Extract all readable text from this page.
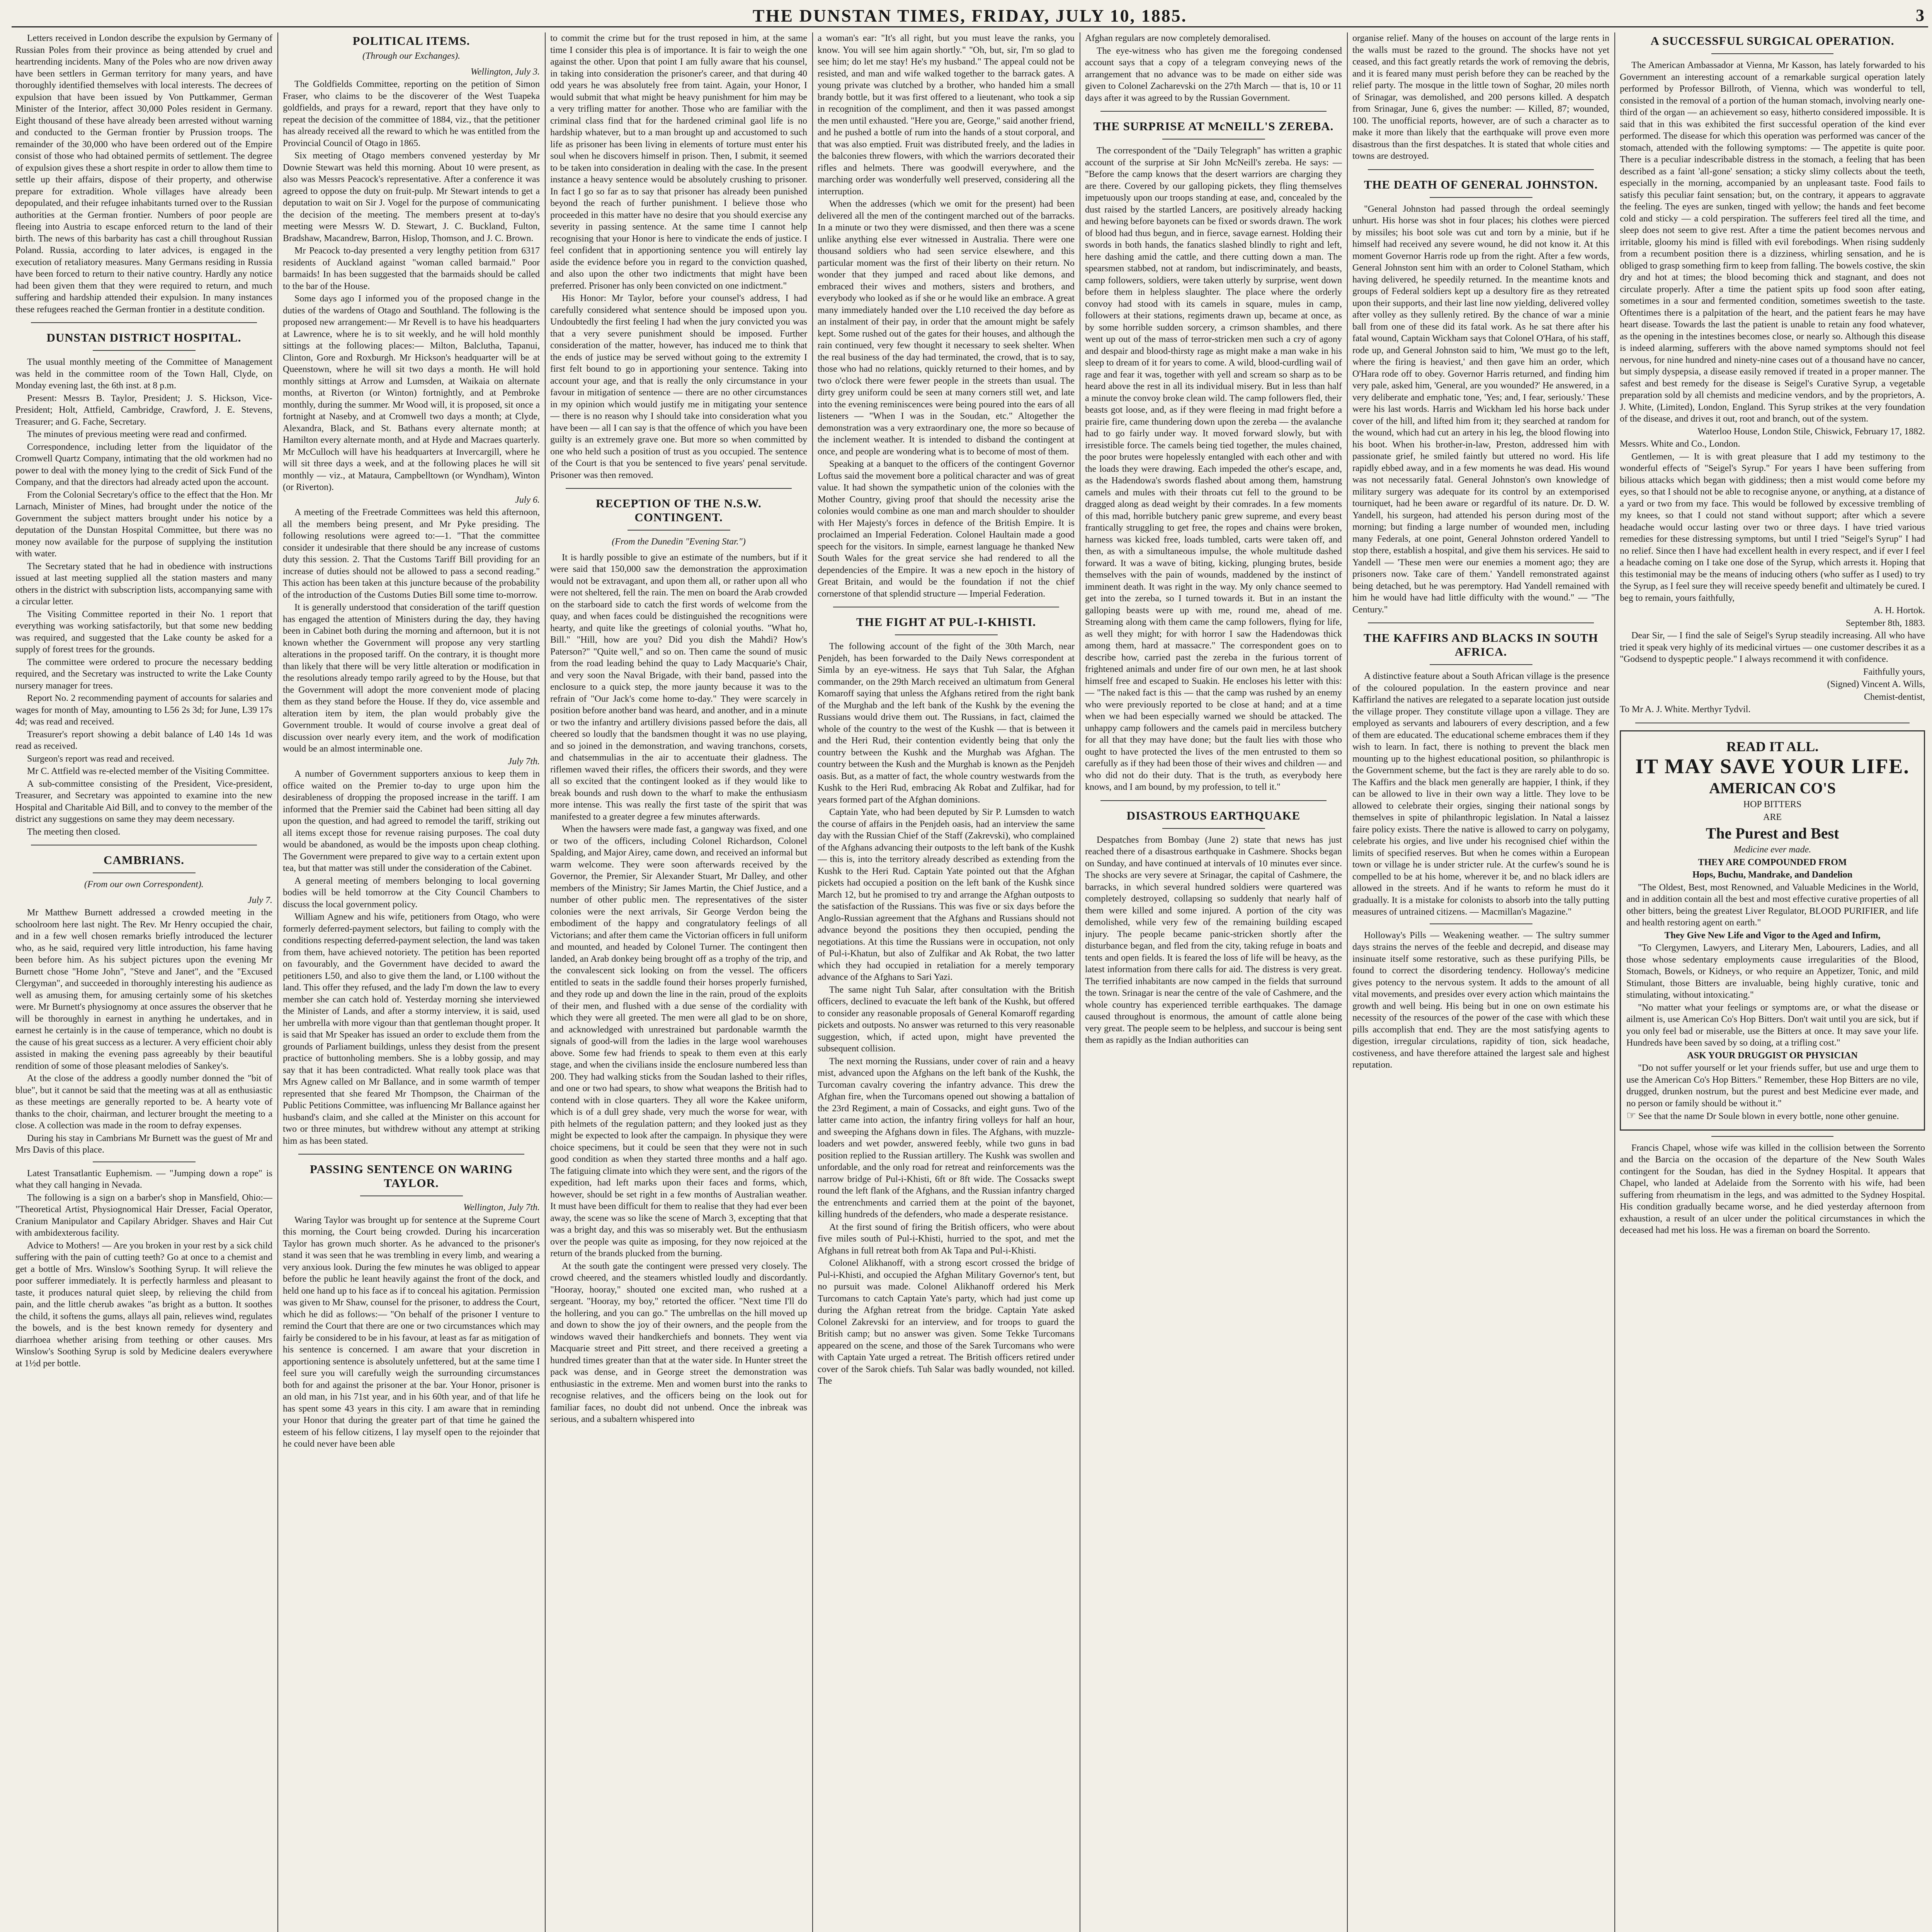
THE DUNSTAN TIMES, FRIDAY, JULY 10, 1885.	3

Letters received in London describe the expulsion by Germany of Russian Poles from their province as being attended by cruel and heartrending incidents. Many of the Poles who are now driven away have been settlers in German territory for many years, and have thoroughly identified themselves with local interests. The decrees of expulsion that have been issued by Von Puttkammer, German Minister of the Interior, affect 30,000 Poles resident in Germany. Eight thousand of these have already been arrested without warning and conducted to the German frontier by Prussion troops. The remainder of the 30,000 who have been ordered out of the Empire consist of those who had obtained permits of settlement. The degree of expulsion gives these a short respite in order to allow them time to settle up their affairs, dispose of their property, and otherwise prepare for extradition. Whole villages have already been depopulated, and their refugee inhabitants turned over to the Russian authorities at the German frontier. Numbers of poor people are fleeing into Austria to escape enforced return to the land of their birth. The news of this barbarity has cast a chill throughout Russian Poland. Russia, according to later advices, is engaged in the execution of retaliatory measures. Many Germans residing in Russia have been forced to return to their native country. Hardly any notice had been given them that they were required to return, and much suffering and hardship attended their expulsion. In many instances these refugees reached the German frontier in a destitute condition.

DUNSTAN DISTRICT HOSPITAL.

The usual monthly meeting of the Committee of Management was held in the committee room of the Town Hall, Clyde, on Monday evening last, the 6th inst. at 8 p.m.

Present: Messrs B. Taylor, President; J. S. Hickson, Vice-President; Holt, Attfield, Cambridge, Crawford, J. E. Stevens, Treasurer; and G. Fache, Secretary.

The minutes of previous meeting were read and confirmed.

Correspondence, including letter from the liquidator of the Cromwell Quartz Company, intimating that the old workmen had no power to deal with the money lying to the credit of Sick Fund of the Company, and that the directors had already acted upon the account.

From the Colonial Secretary's office to the effect that the Hon. Mr Larnach, Minister of Mines, had brought under the notice of the Government the subject matters brought under his notice by a deputation of the Dunstan Hospital Committee, but there was no money now available for the purpose of supplying the institution with water.

The Secretary stated that he had in obedience with instructions issued at last meeting supplied all the station masters and many others in the district with subscription lists, accompanying same with a circular letter.

The Visiting Committee reported in their No. 1 report that everything was working satisfactorily, but that some new bedding was required, and suggested that the Lake county be asked for a supply of forest trees for the grounds.

The committee were ordered to procure the necessary bedding required, and the Secretary was instructed to write the Lake County nursery manager for trees.

Report No. 2 recommending payment of accounts for salaries and wages for month of May, amounting to L56 2s 3d; for June, L39 17s 4d; was read and received.

Treasurer's report showing a debit balance of L40 14s 1d was read as received.

Surgeon's report was read and received.

Mr C. Attfield was re-elected member of the Visiting Committee.

A sub-committee consisting of the President, Vice-president, Treasurer, and Secretary was appointed to examine into the new Hospital and Charitable Aid Bill, and to convey to the member of the district any suggestions on same they may deem necessary.

The meeting then closed.

CAMBRIANS.
(From our own Correspondent).
July 7.

Mr Matthew Burnett addressed a crowded meeting in the schoolroom here last night. The Rev. Mr Henry occupied the chair, and in a few well chosen remarks briefly introduced the lecturer who, as he said, required very little introduction, his fame having been before him. As his subject pictures upon the evening Mr Burnett chose "Home John", "Steve and Janet", and the "Excused Clergyman", and succeeded in thoroughly interesting his audience as well as amusing them, for amusing certainly some of his sketches were. Mr Burnett's physiognomy at once assures the observer that he will be thoroughly in earnest in anything he undertakes, and in earnest he certainly is in the cause of temperance, which no doubt is the cause of his great success as a lecturer. A very efficient choir ably assisted in making the evening pass agreeably by their beautiful rendition of some of those pleasant melodies of Sankey's.

At the close of the address a goodly number donned the "bit of blue", but it cannot be said that the meeting was at all as enthusiastic as these meetings are generally reported to be. A hearty vote of thanks to the choir, chairman, and lecturer brought the meeting to a close. A collection was made in the room to defray expenses.

During his stay in Cambrians Mr Burnett was the guest of Mr and Mrs Davis of this place.

Latest Transatlantic Euphemism. — "Jumping down a rope" is what they call hanging in Nevada.

The following is a sign on a barber's shop in Mansfield, Ohio:— "Theoretical Artist, Physiognomical Hair Dresser, Facial Operator, Cranium Manipulator and Capilary Abridger. Shaves and Hair Cut with ambidexterous facility.

Advice to Mothers! — Are you broken in your rest by a sick child suffering with the pain of cutting teeth? Go at once to a chemist and get a bottle of Mrs. Winslow's Soothing Syrup. It will relieve the poor sufferer immediately. It is perfectly harmless and pleasant to taste, it produces natural quiet sleep, by relieving the child from pain, and the little cherub awakes "as bright as a button. It soothes the child, it softens the gums, allays all pain, relieves wind, regulates the bowels, and is the best known remedy for dysentery and diarrhoea whether arising from teething or other causes. Mrs Winslow's Soothing Syrup is sold by Medicine dealers everywhere at 1½d per bottle.

POLITICAL ITEMS.
(Through our Exchanges).
Wellington, July 3.

The Goldfields Committee, reporting on the petition of Simon Fraser, who claims to be the discoverer of the West Tuapeka goldfields, and prays for a reward, report that they have only to repeat the decision of the committee of 1884, viz., that the petitioner has already received all the reward to which he was entitled from the Provincial Council of Otago in 1865.

Six meeting of Otago members convened yesterday by Mr Downie Stewart was held this morning. About 10 were present, as also was Messrs Peacock's representative. After a conference it was agreed to oppose the duty on fruit-pulp. Mr Stewart intends to get a deputation to wait on Sir J. Vogel for the purpose of communicating the decision of the meeting. The members present at to-day's meeting were Messrs W. D. Stewart, J. C. Buckland, Fulton, Bradshaw, Macandrew, Barron, Hislop, Thomson, and J. C. Brown.

Mr Peacock to-day presented a very lengthy petition from 6317 residents of Auckland against "woman called barmaid." Poor barmaids! In has been suggested that the barmaids should be called to the bar of the House.

Some days ago I informed you of the proposed change in the duties of the wardens of Otago and Southland. The following is the proposed new arrangement:— Mr Revell is to have his headquarters at Lawrence, where he is to sit weekly, and he will hold monthly sittings at the following places:— Milton, Balclutha, Tapanui, Clinton, Gore and Roxburgh. Mr Hickson's headquarter will be at Queenstown, where he will sit two days a month. He will hold monthly sittings at Arrow and Lumsden, at Waikaia on alternate months, at Riverton (or Winton) fortnightly, and at Pembroke monthly, during the summer. Mr Wood will, it is proposed, sit once a fortnight at Naseby, and at Cromwell two days a month; at Clyde, Alexandra, Black, and St. Bathans every alternate month; at Hamilton every alternate month, and at Hyde and Macraes quarterly. Mr McCulloch will have his headquarters at Invercargill, where he will sit three days a week, and at the following places he will sit monthly — viz., at Mataura, Campbelltown (or Wyndham), Winton (or Riverton).

July 6.

A meeting of the Freetrade Committees was held this afternoon, all the members being present, and Mr Pyke presiding. The following resolutions were agreed to:—1. "That the committee consider it undesirable that there should be any increase of customs duty this session. 2. That the Customs Tariff Bill providing for an increase of duties should not be allowed to pass a second reading." This action has been taken at this juncture because of the probability of the introduction of the Customs Duties Bill some time to-morrow.

It is generally understood that consideration of the tariff question has engaged the attention of Ministers during the day, they having been in Cabinet both during the morning and afternoon, but it is not known whether the Government will propose any very startling alterations in the proposed tariff. On the contrary, it is thought more than likely that there will be very little alteration or modification in the resolutions already tempo rarily agreed to by the House, but that the Government will adopt the more convenient mode of placing them as they stand before the House. If they do, vice assemble and alteration item by item, the plan would probably give the Government trouble. It would of course involve a great deal of discussion over nearly every item, and the work of modification would be an almost interminable one.

July 7th.

A number of Government supporters anxious to keep them in office waited on the Premier to-day to urge upon him the desirableness of dropping the proposed increase in the tariff. I am informed that the Premier said the Cabinet had been sitting all day upon the question, and had agreed to remodel the tariff, striking out all items except those for revenue raising purposes. The coal duty would be abandoned, as would be the imposts upon cheap clothing. The Government were prepared to give way to a certain extent upon tea, but that matter was still under the consideration of the Cabinet.

A general meeting of members belonging to local governing bodies will be held tomorrow at the City Council Chambers to discuss the local government policy.

William Agnew and his wife, petitioners from Otago, who were formerly deferred-payment selectors, but failing to comply with the conditions respecting deferred-payment selection, the land was taken from them, have achieved notoriety. The petition has been reported on favourably, and the Government have decided to award the petitioners L50, and also to give them the land, or L100 without the land. This offer they refused, and the lady I'm down the law to every member she can catch hold of. Yesterday morning she interviewed the Minister of Lands, and after a stormy interview, it is said, used her umbrella with more vigour than that gentleman thought proper. It is said that Mr Speaker has issued an order to exclude them from the grounds of Parliament buildings, unless they desist from the present practice of buttonholing members. She is a lobby gossip, and may say that it has been contradicted. What really took place was that Mrs Agnew called on Mr Ballance, and in some warmth of temper represented that she feared Mr Thompson, the Chairman of the Public Petitions Committee, was influencing Mr Ballance against her husband's claim, and she called at the Minister on this account for two or three minutes, but withdrew without any attempt at striking him as has been stated.

PASSING SENTENCE ON WARING TAYLOR.
Wellington, July 7th.

Waring Taylor was brought up for sentence at the Supreme Court this morning, the Court being crowded. During his incarceration Taylor has grown much shorter. As he advanced to the prisoner's stand it was seen that he was trembling in every limb, and wearing a very anxious look. During the few minutes he was obliged to appear before the public he leant heavily against the front of the dock, and held one hand up to his face as if to conceal his agitation. Permission was given to Mr Shaw, counsel for the prisoner, to address the Court, which he did as follows:— "On behalf of the prisoner I venture to remind the Court that there are one or two circumstances which may fairly be considered to be in his favour, at least as far as mitigation of his sentence is concerned. I am aware that your discretion in apportioning sentence is absolutely unfettered, but at the same time I feel sure you will carefully weigh the surrounding circumstances both for and against the prisoner at the bar. Your Honor, prisoner is an old man, in his 71st year, and in his 60th year, and of that life he has spent some 43 years in this city. I am aware that in reminding your Honor that during the greater part of that time he gained the esteem of his fellow citizens, I lay myself open to the rejoinder that he could never have been able

to commit the crime but for the trust reposed in him, at the same time I consider this plea is of importance. It is fair to weigh the one against the other. Upon that point I am fully aware that his counsel, in taking into consideration the prisoner's career, and that during 40 odd years he was absolutely free from taint. Again, your Honor, I would submit that what might be heavy punishment for him may be a very trifling matter for another. Those who are familiar with the criminal class find that for the hardened criminal gaol life is no hardship whatever, but to a man brought up and accustomed to such life as prisoner has been living in elements of torture must enter his soul when he discovers himself in prison. Then, I submit, it seemed to be taken into consideration in dealing with the case. In the present instance a heavy sentence would be absolutely crushing to prisoner. In fact I go so far as to say that prisoner has already been punished beyond the reach of further punishment. I believe those who proceeded in this matter have no desire that you should exercise any severity in passing sentence. At the same time I cannot help recognising that your Honor is here to vindicate the ends of justice. I feel confident that in apportioning sentence you will entirely lay aside the evidence before you in regard to the conviction quashed, and also upon the other two indictments that might have been preferred. Prisoner has only been convicted on one indictment."

His Honor: Mr Taylor, before your counsel's address, I had carefully considered what sentence should be imposed upon you. Undoubtedly the first feeling I had when the jury convicted you was that a very severe punishment should be imposed. Further consideration of the matter, however, has induced me to think that the ends of justice may be served without going to the extremity I first felt bound to go in apportioning your sentence. Taking into account your age, and that is really the only circumstance in your favour in mitigation of sentence — there are no other circumstances in my opinion which would justify me in mitigating your sentence — there is no reason why I should take into consideration what you have been — all I can say is that the offence of which you have been guilty is an extremely grave one. But more so when committed by one who held such a position of trust as you occupied. The sentence of the Court is that you be sentenced to five years' penal servitude. Prisoner was then removed.

RECEPTION OF THE N.S.W. CONTINGENT.
(From the Dunedin "Evening Star.")

It is hardly possible to give an estimate of the numbers, but if it were said that 150,000 saw the demonstration the approximation would not be extravagant, and upon them all, or rather upon all who were not sheltered, fell the rain. The men on board the Arab crowded on the starboard side to catch the first words of welcome from the quay, and when faces could be distinguished the recognitions were hearty, and quite like the greetings of colonial youths. "What ho, Bill." "Hill, how are you? Did you dish the Mahdi? How's Paterson?" "Quite well," and so on. Then came the sound of music from the road leading behind the quay to Lady Macquarie's Chair, and very soon the Naval Brigade, with their band, passed into the enclosure to a quick step, the more jaunty because it was to the refrain of "Our Jack's come home to-day." They were scarcely in position before another band was heard, and another, and in a minute or two the infantry and artillery divisions passed before the dais, all cheered so loudly that the bandsmen thought it was no use playing, and so joined in the demonstration, and waving tranchons, corsets, and chatsemmulias in the air to accentuate their gladness. The riflemen waved their rifles, the officers their swords, and they were all so excited that the contingent looked as if they would like to break bounds and rush down to the wharf to make the enthusiasm more intense. This was really the first taste of the spirit that was manifested to a greater degree a few minutes afterwards.

When the hawsers were made fast, a gangway was fixed, and one or two of the officers, including Colonel Richardson, Colonel Spalding, and Major Airey, came down, and received an informal but warm welcome. They were soon afterwards received by the Governor, the Premier, Sir Alexander Stuart, Mr Dalley, and other members of the Ministry; Sir James Martin, the Chief Justice, and a number of other public men. The representatives of the sister colonies were the next arrivals, Sir George Verdon being the embodiment of the happy and congratulatory feelings of all Victorians; and after them came the Victorian officers in full uniform and mounted, and headed by Colonel Turner. The contingent then landed, an Arab donkey being brought off as a trophy of the trip, and the convalescent sick looking on from the vessel. The officers entitled to seats in the saddle found their horses properly furnished, and they rode up and down the line in the rain, proud of the exploits of their men, and flushed with a due sense of the cordiality with which they were all greeted. The men were all glad to be on shore, and acknowledged with unrestrained but pardonable warmth the signals of good-will from the ladies in the large wool warehouses above. Some few had friends to speak to them even at this early stage, and when the civilians inside the enclosure numbered less than 200. They had walking sticks from the Soudan lashed to their rifles, and one or two had spears, to show what weapons the British had to contend with in close quarters. They all wore the Kakee uniform, which is of a dull grey shade, very much the worse for wear, with pith helmets of the regulation pattern; and they looked just as they might be expected to look after the campaign. In physique they were choice specimens, but it could be seen that they were not in such good condition as when they started three months and a half ago. The fatiguing climate into which they were sent, and the rigors of the expedition, had left marks upon their faces and forms, which, however, should be set right in a few months of Australian weather. It must have been difficult for them to realise that they had ever been away, the scene was so like the scene of March 3, excepting that that was a bright day, and this was so miserably wet. But the enthusiasm over the people was quite as imposing, for they now rejoiced at the return of the brands plucked from the burning.

At the south gate the contingent were pressed very closely. The crowd cheered, and the steamers whistled loudly and discordantly. "Hooray, hooray," shouted one excited man, who rushed at a sergeant. "Hooray, my boy," retorted the officer. "Next time I'll do the hollering, and you can go." The umbrellas on the hill moved up and down to show the joy of their owners, and the people from the windows waved their handkerchiefs and bonnets. They went via Macquarie street and Pitt street, and there received a greeting a hundred times greater than that at the water side. In Hunter street the pack was dense, and in George street the demonstration was enthusiastic in the extreme. Men and women burst into the ranks to recognise relatives, and the officers being on the look out for familiar faces, no doubt did not unbend. Once the inbreak was serious, and a subaltern whispered into

a woman's ear: "It's all right, but you must leave the ranks, you know. You will see him again shortly." "Oh, but, sir, I'm so glad to see him; do let me stay! He's my husband." The appeal could not be resisted, and man and wife walked together to the barrack gates. A young private was clutched by a brother, who handed him a small brandy bottle, but it was first offered to a lieutenant, who took a sip in recognition of the compliment, and then it was passed amongst the men until exhausted. "Here you are, George," said another friend, and he pushed a bottle of rum into the hands of a stout corporal, and that was also emptied. Fruit was distributed freely, and the ladies in the balconies threw flowers, with which the warriors decorated their rifles and helmets. There was goodwill everywhere, and the marching order was wonderfully well preserved, considering all the interruption.

When the addresses (which we omit for the present) had been delivered all the men of the contingent marched out of the barracks. In a minute or two they were dismissed, and then there was a scene unlike anything else ever witnessed in Australia. There were one thousand soldiers who had seen service elsewhere, and this particular moment was the first of their liberty on their return. No wonder that they jumped and raced about like demons, and embraced their wives and mothers, sisters and brothers, and everybody who looked as if she or he would like an embrace. A great many immediately handed over the L10 received the day before as an instalment of their pay, in order that the amount might be safely kept. Some rushed out of the gates for their houses, and although the rain continued, very few thought it necessary to seek shelter. When the real business of the day had terminated, the crowd, that is to say, those who had no relations, quickly returned to their homes, and by two o'clock there were fewer people in the streets than usual. The dirty grey uniform could be seen at many corners still wet, and late into the evening reminiscences were being poured into the ears of all listeners — "When I was in the Soudan, etc." Altogether the demonstration was a very extraordinary one, the more so because of the inclement weather. It is intended to disband the contingent at once, and people are wondering what is to become of most of them.

Speaking at a banquet to the officers of the contingent Governor Loftus said the movement bore a political character and was of great value. It had shown the sympathetic union of the colonies with the Mother Country, giving proof that should the necessity arise the colonies would combine as one man and march shoulder to shoulder with Her Majesty's forces in defence of the British Empire. It is proclaimed an Imperial Federation. Colonel Haultain made a good speech for the visitors. In simple, earnest language he thanked New South Wales for the great service she had rendered to all the dependencies of the Empire. It was a new epoch in the history of Great Britain, and would be the foundation if not the chief cornerstone of that splendid structure — Imperial Federation.

THE FIGHT AT PUL-I-KHISTI.

The following account of the fight of the 30th March, near Penjdeh, has been forwarded to the Daily News correspondent at Simla by an eye-witness. He says that Tuh Salar, the Afghan commander, on the 29th March received an ultimatum from General Komaroff saying that unless the Afghans retired from the right bank of the Murghab and the left bank of the Kushk by the evening the Russians would drive them out. The Russians, in fact, claimed the whole of the country to the west of the Kushk — that is between it and the Heri Rud, their contention evidently being that only the country between the Kushk and the Murghab was Afghan. The country between the Kush and the Murghab is known as the Penjdeh oasis. But, as a matter of fact, the whole country westwards from the Kushk to the Heri Rud, embracing Ak Robat and Zulfikar, had for years formed part of the Afghan dominions.

Captain Yate, who had been deputed by Sir P. Lumsden to watch the course of affairs in the Penjdeh oasis, had an interview the same day with the Russian Chief of the Staff (Zakrevski), who complained of the Afghans advancing their outposts to the left bank of the Kushk — this is, into the territory already described as extending from the Kushk to the Heri Rud. Captain Yate pointed out that the Afghan pickets had occupied a position on the left bank of the Kushk since March 12, but he promised to try and arrange the Afghan outposts to the satisfaction of the Russians. This was five or six days before the Anglo-Russian agreement that the Afghans and Russians should not advance beyond the positions they then occupied, pending the negotiations. At this time the Russians were in occupation, not only of Pul-i-Khatun, but also of Zulfikar and Ak Robat, the two latter which they had occupied in retaliation for a merely temporary advance of the Afghans to Sari Yazi.

The same night Tuh Salar, after consultation with the British officers, declined to evacuate the left bank of the Kushk, but offered to consider any reasonable proposals of General Komaroff regarding pickets and outposts. No answer was returned to this very reasonable suggestion, which, if acted upon, might have prevented the subsequent collision.

The next morning the Russians, under cover of rain and a heavy mist, advanced upon the Afghans on the left bank of the Kushk, the Turcoman cavalry covering the infantry advance. This drew the Afghan fire, when the Turcomans opened out showing a battalion of the 23rd Regiment, a main of Cossacks, and eight guns. Two of the latter came into action, the infantry firing volleys for half an hour, and sweeping the Afghans down in files. The Afghans, with muzzle-loaders and wet powder, answered feebly, while two guns in bad position replied to the Russian artillery. The Kushk was swollen and unfordable, and the only road for retreat and reinforcements was the narrow bridge of Pul-i-Khisti, 6ft or 8ft wide. The Cossacks swept round the left flank of the Afghans, and the Russian infantry charged the entrenchments and carried them at the point of the bayonet, killing hundreds of the defenders, who made a desperate resistance.

At the first sound of firing the British officers, who were about five miles south of Pul-i-Khisti, hurried to the spot, and met the Afghans in full retreat both from Ak Tapa and Pul-i-Khisti.

Colonel Alikhanoff, with a strong escort crossed the bridge of Pul-i-Khisti, and occupied the Afghan Military Governor's tent, but no pursuit was made. Colonel Alikhanoff ordered his Merk Turcomans to catch Captain Yate's party, which had just come up during the Afghan retreat from the bridge. Captain Yate asked Colonel Zakrevski for an interview, and for troops to guard the British camp; but no answer was given. Some Tekke Turcomans appeared on the scene, and those of the Sarek Turcomans who were with Captain Yate urged a retreat. The British officers retired under cover of the Sarok chiefs. Tuh Salar was badly wounded, not killed. The

Afghan regulars are now completely demoralised.

The eye-witness who has given me the foregoing condensed account says that a copy of a telegram conveying news of the arrangement that no advance was to be made on either side was given to Colonel Zacharevski on the 27th March — that is, 10 or 11 days after it was agreed to by the Russian Government.

THE SURPRISE AT McNEILL'S ZEREBA.

The correspondent of the "Daily Telegraph" has written a graphic account of the surprise at Sir John McNeill's zereba. He says: — "Before the camp knows that the desert warriors are charging they are there. Covered by our galloping pickets, they fling themselves impetuously upon our troops standing at ease, and, concealed by the dust raised by the startled Lancers, are positively already hacking and hewing before bayonets can be fixed or swords drawn. The work of blood had thus begun, and in fierce, savage earnest. Holding their swords in both hands, the fanatics slashed blindly to right and left, here dashing amid the cattle, and there cutting down a man. The spearsmen stabbed, not at random, but indiscriminately, and beasts, camp followers, soldiers, were taken utterly by surprise, went down before them in helpless slaughter. The place where the orderly convoy had stood with its camels in square, mules in camp, followers at their stations, regiments drawn up, became at once, as by some horrible sudden sorcery, a crimson shambles, and there went up out of the mass of terror-stricken men such a cry of agony and despair and blood-thirsty rage as might make a man wake in his sleep to dream of it for years to come. A wild, blood-curdling wail of rage and fear it was, together with yell and scream so sharp as to be heard above the rest in all its individual misery. But in less than half a minute the convoy broke clean wild. The camp followers fled, their beasts got loose, and, as if they were fleeing in mad fright before a prairie fire, came thundering down upon the zereba — the avalanche had to go fairly under way. It moved forward slowly, but with irresistible force. The camels being tied together, the mules chained, the poor brutes were hopelessly entangled with each other and with the loads they were drawing. Each impeded the other's escape, and, as the Hadendowa's swords flashed about among them, hamstrung camels and mules with their throats cut fell to the ground to be dragged along as dead weight by their comrades. In a few moments of this mad, horrible butchery panic grew supreme, and every beast frantically struggling to get free, the ropes and chains were broken, harness was kicked free, loads tumbled, carts were taken off, and then, as with a simultaneous impulse, the whole multitude dashed forward. It was a wave of biting, kicking, plunging brutes, beside themselves with the pain of wounds, maddened by the instinct of imminent death. It was right in the way. My only chance seemed to get into the zereba, so I turned towards it. But in an instant the galloping beasts were up with me, round me, ahead of me. Streaming along with them came the camp followers, flying for life, as well they might; for with horror I saw the Hadendowas thick among them, hard at massacre." The correspondent goes on to describe how, carried past the zereba in the furious torrent of frightened animals and under fire of our own men, he at last shook himself free and escaped to Suakin. He encloses his letter with this: — "The naked fact is this — that the camp was rushed by an enemy who were previously reported to be close at hand; and at a time when we had been especially warned we should be attacked. The unhappy camp followers and the camels paid in merciless butchery for all that they may have done; but the fault lies with those who ought to have protected the lives of the men entrusted to them so carefully as if they had been those of their wives and children — and who did not do their duty. That is the truth, as everybody here knows, and I am bound, by my profession, to tell it."

DISASTROUS EARTHQUAKE

Despatches from Bombay (June 2) state that news has just reached there of a disastrous earthquake in Cashmere. Shocks began on Sunday, and have continued at intervals of 10 minutes ever since. The shocks are very severe at Srinagar, the capital of Cashmere, the barracks, in which several hundred soldiers were quartered was completely destroyed, collapsing so suddenly that nearly half of them were killed and some injured. A portion of the city was demolished, while very few of the remaining building escaped injury. The people became panic-stricken shortly after the disturbance began, and fled from the city, taking refuge in boats and tents and open fields. It is feared the loss of life will be heavy, as the latest information from there calls for aid. The distress is very great. The terrified inhabitants are now camped in the fields that surround the town. Srinagar is near the centre of the vale of Cashmere, and the whole country has experienced terrible earthquakes. The damage caused throughout is enormous, the amount of cattle alone being very great. The people seem to be helpless, and succour is being sent them as rapidly as the Indian authorities can

organise relief. Many of the houses on account of the large rents in the walls must be razed to the ground. The shocks have not yet ceased, and this fact greatly retards the work of removing the debris, and it is feared many must perish before they can be reached by the relief party. The mosque in the little town of Soghar, 20 miles north of Srinagar, was demolished, and 200 persons killed. A despatch from Srinagar, June 6, gives the number: — Killed, 87; wounded, 100. The unofficial reports, however, are of such a character as to make it more than likely that the earthquake will prove even more disastrous than the first despatches. It is stated that whole cities and towns are destroyed.

THE DEATH OF GENERAL JOHNSTON.

"General Johnston had passed through the ordeal seemingly unhurt. His horse was shot in four places; his clothes were pierced by missiles; his boot sole was cut and torn by a minie, but if he himself had received any severe wound, he did not know it. At this moment Governor Harris rode up from the right. After a few words, General Johnston sent him with an order to Colonel Statham, which having delivered, he speedily returned. In the meantime knots and groups of Federal soldiers kept up a desultory fire as they retreated upon their supports, and their last line now yielding, delivered volley after volley as they sullenly retired. By the chance of war a minie ball from one of these did its fatal work. As he sat there after his fatal wound, Captain Wickham says that Colonel O'Hara, of his staff, rode up, and General Johnston said to him, 'We must go to the left, where the firing is heaviest,' and then gave him an order, which O'Hara rode off to obey. Governor Harris returned, and finding him very pale, asked him, 'General, are you wounded?' He answered, in a very deliberate and emphatic tone, 'Yes; and, I fear, seriously.' These were his last words. Harris and Wickham led his horse back under cover of the hill, and lifted him from it; they searched at random for the wound, which had cut an artery in his leg, the blood flowing into his boot. When his brother-in-law, Preston, addressed him with passionate grief, he smiled faintly but uttered no word. His life rapidly ebbed away, and in a few moments he was dead. His wound was not necessarily fatal. General Johnston's own knowledge of military surgery was adequate for its control by an extemporised tourniquet, had he been aware or regardful of its nature. Dr. D. W. Yandell, his surgeon, had attended his person during most of the morning; but finding a large number of wounded men, including many Federals, at one point, General Johnston ordered Yandell to stop there, establish a hospital, and give them his services. He said to Yandell — 'These men were our enemies a moment ago; they are prisoners now. Take care of them.' Yandell remonstrated against being detached, but he was peremptory. Had Yandell remained with him he would have had little difficulty with the wound." — "The Century."

THE KAFFIRS AND BLACKS IN SOUTH AFRICA.

A distinctive feature about a South African village is the presence of the coloured population. In the eastern province and near Kaffirland the natives are relegated to a separate location just outside the village proper. They constitute village upon a village. They are employed as servants and labourers of every description, and a few of them are educated. The educational scheme embraces them if they wish to learn. In fact, there is nothing to prevent the black men mounting up to the highest educational position, so philanthropic is the Government scheme, but the fact is they are rarely able to do so. The Kaffirs and the black men generally are happier, I think, if they can be allowed to live in their own way a little. They love to be allowed to celebrate their orgies, singing their national songs by themselves in spite of philanthropic legislation. In Natal a laissez faire policy exists. There the native is allowed to carry on polygamy, celebrate his orgies, and live under his recognised chief within the limits of specified reserves. But when he comes within a European town or village he is under stricter rule. At the curfew's sound he is compelled to be at his home, wherever it be, and no black idlers are allowed in the streets. And if he wants to reform he must do it gradually. It is a mistake for colonists to absorb into the tally putting measures of untrained citizens. — Macmillan's Magazine."

Holloway's Pills — Weakening weather. — The sultry summer days strains the nerves of the feeble and decrepid, and disease may insinuate itself some restorative, such as these purifying Pills, be found to correct the disordering tendency. Holloway's medicine gives potency to the nervous system. It adds to the amount of all vital movements, and presides over every action which maintains the growth and well being. His being but in one on own estimate his necessity of the resources of the power of the case with which these pills accomplish that end. They are the most satisfying agents to digestion, irregular circulations, rapidity of tion, sick headache, costiveness, and have therefore attained the largest sale and highest reputation.

A SUCCESSFUL SURGICAL OPERATION.

The American Ambassador at Vienna, Mr Kasson, has lately forwarded to his Government an interesting account of a remarkable surgical operation lately performed by Professor Billroth, of Vienna, which was wonderful to tell, consisted in the removal of a portion of the human stomach, involving nearly one-third of the organ — an achievement so easy, hitherto considered impossible. It is said that in this was exhibited the first successful operation of the kind ever performed. The disease for which this operation was performed was cancer of the stomach, attended with the following symptoms: — The appetite is quite poor. There is a peculiar indescribable distress in the stomach, a feeling that has been described as a faint 'all-gone' sensation; a sticky slimy collects about the teeth, especially in the morning, accompanied by an unpleasant taste. Food fails to satisfy this peculiar faint sensation; but, on the contrary, it appears to aggravate the feeling. The eyes are sunken, tinged with yellow; the hands and feet become cold and sticky — a cold perspiration. The sufferers feel tired all the time, and sleep does not seem to give rest. After a time the patient becomes nervous and irritable, gloomy his mind is filled with evil forebodings. When rising suddenly from a recumbent position there is a dizziness, whirling sensation, and he is obliged to grasp something firm to keep from falling. The bowels costive, the skin dry and hot at times; the blood becoming thick and stagnant, and does not circulate properly. After a time the patient spits up food soon after eating, sometimes in a sour and fermented condition, sometimes sweetish to the taste. Oftentimes there is a palpitation of the heart, and the patient fears he may have heart disease. Towards the last the patient is unable to retain any food whatever, as the opening in the intestines becomes close, or nearly so. Although this disease is indeed alarming, sufferers with the above named symptoms should not feel nervous, for nine hundred and ninety-nine cases out of a thousand have no cancer, but simply dyspepsia, a disease easily removed if treated in a proper manner. The safest and best remedy for the disease is Seigel's Curative Syrup, a vegetable preparation sold by all chemists and medicine vendors, and by the proprietors, A. J. White, (Limited), London, England. This Syrup strikes at the very foundation of the disease, and drives it out, root and branch, out of the system.

Waterloo House, London Stile, Chiswick, February 17, 1882.

Messrs. White and Co., London.

Gentlemen, — It is with great pleasure that I add my testimony to the wonderful effects of "Seigel's Syrup." For years I have been suffering from bilious attacks which began with giddiness; then a mist would come before my eyes, so that I should not be able to recognise anyone, or anything, at a distance of a yard or two from my face. This would be followed by excessive trembling of my knees, so that I could not stand without support; after which a severe headache would occur lasting over two or three days. I have tried various remedies for these distressing symptoms, but until I tried "Seigel's Syrup" I had no relief. Since then I have had excellent health in every respect, and if ever I feel a headache coming on I take one dose of the Syrup, which arrests it. Hoping that this testimonial may be the means of inducing others (who suffer as I used) to try the Syrup, as I feel sure they will receive speedy benefit and ultimately be cured. I beg to remain, yours faithfully,

A. H. Hortok.

September 8th, 1883.

Dear Sir, — I find the sale of Seigel's Syrup steadily increasing. All who have tried it speak very highly of its medicinal virtues — one customer describes it as a "Godsend to dyspeptic people." I always recommend it with confidence.

Faithfully yours,

(Signed) Vincent A. Wills,

Chemist-dentist,

To Mr A. J. White. Merthyr Tydvil.

READ IT ALL.
IT MAY SAVE YOUR LIFE.
AMERICAN CO'S
HOP BITTERS
ARE
The Purest and Best
Medicine ever made.
THEY ARE COMPOUNDED FROM
Hops, Buchu, Mandrake, and Dandelion

"The Oldest, Best, most Renowned, and Valuable Medicines in the World, and in addition contain all the best and most effective curative properties of all other bitters, being the greatest Liver Regulator, BLOOD PURIFIER, and life and health restoring agent on earth."

They Give New Life and Vigor to the Aged and Infirm,

"To Clergymen, Lawyers, and Literary Men, Labourers, Ladies, and all those whose sedentary employments cause irregularities of the Blood, Stomach, Bowels, or Kidneys, or who require an Appetizer, Tonic, and mild Stimulant, those Bitters are invaluable, being highly curative, tonic and stimulating, without intoxicating."

"No matter what your feelings or symptoms are, or what the disease or ailment is, use American Co's Hop Bitters. Don't wait until you are sick, but if you only feel bad or miserable, use the Bitters at once. It may save your life. Hundreds have been saved by so doing, at a trifling cost."

ASK YOUR DRUGGIST OR PHYSICIAN

"Do not suffer yourself or let your friends suffer, but use and urge them to use the American Co's Hop Bitters." Remember, these Hop Bitters are no vile, drugged, drunken nostrum, but the purest and best Medicine ever made, and no person or family should be without it."

☞ See that the name Dr Soule blown in every bottle, none other genuine.

Francis Chapel, whose wife was killed in the collision between the Sorrento and the Barcia on the occasion of the departure of the New South Wales contingent for the Soudan, has died in the Sydney Hospital. It appears that Chapel, who landed at Adelaide from the Sorrento with his wife, had been suffering from rheumatism in the legs, and was admitted to the Sydney Hospital. His condition gradually became worse, and he died yesterday afternoon from exhaustion, a result of an ulcer under the political circumstances in which the deceased had met his loss. He was a fireman on board the Sorrento.
